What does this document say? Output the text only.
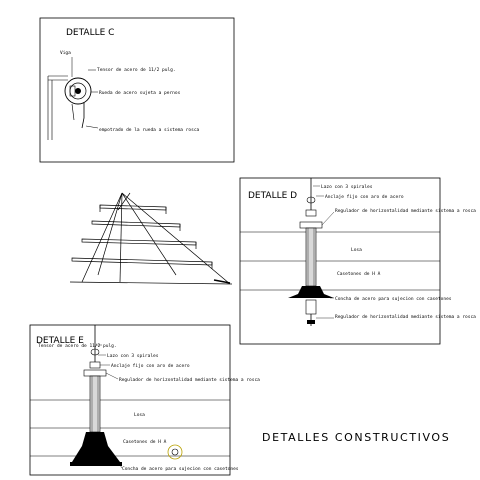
DETALLE C
Viga
Tensor de acero de 11/2 pulg.
Rueda de acero sujeta a pernos
empotrado de la rueda a sistema rosca
DETALLE D
Lazo con 3 spirales
Anclaje fijo con aro de acero
Regulador de horizontalidad mediante sistema a rosca
Losa
Casetones de H A
Concha de acero para sujecion con casetones
Regulador de horizontalidad mediante sistema a rosca
DETALLE E
Tensor de acero de 11/2 pulg.
Lazo con 3 spirales
Anclaje fijo con aro de acero
Regulador de horizontalidad mediante sistema a rosca
Losa
Casetones de H A
Concha de acero para sujecion con casetones
DETALLES CONSTRUCTIVOS
